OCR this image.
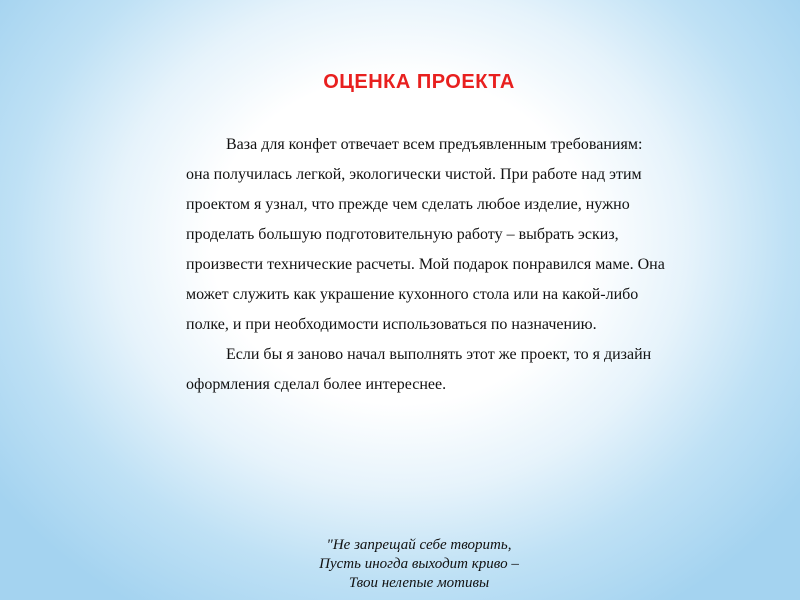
ОЦЕНКА ПРОЕКТА

Ваза для конфет отвечает всем предъявленным требованиям: она получилась легкой, экологически чистой. При работе над этим проектом я узнал, что прежде чем сделать любое изделие, нужно проделать большую подготовительную работу – выбрать эскиз, произвести технические расчеты. Мой подарок понравился маме. Она может служить как украшение кухонного стола или на какой-либо полке, и при необходимости использоваться по назначению.

Если бы я заново начал выполнять этот же проект, то я дизайн оформления сделал более интереснее.

"Не запрещай себе творить,
Пусть иногда выходит криво –
Твои нелепые мотивы
